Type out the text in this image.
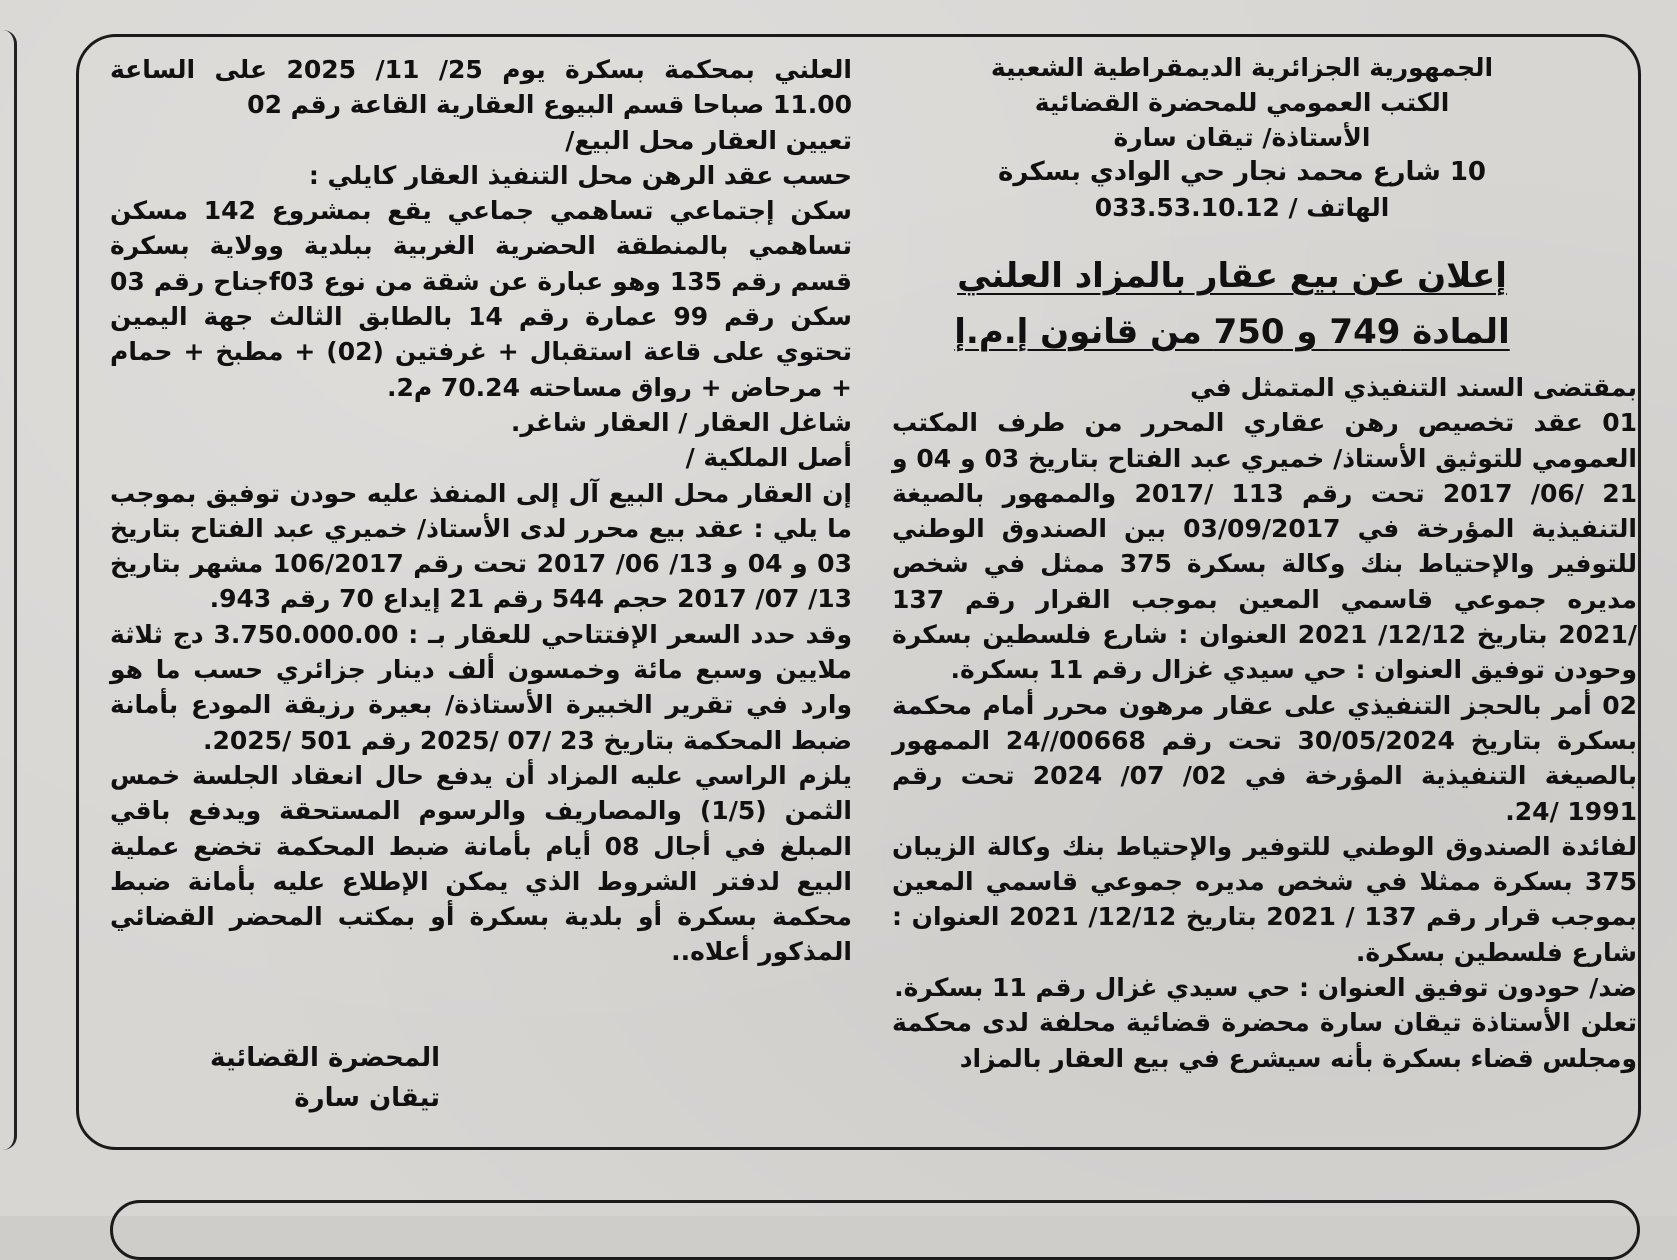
الجمهورية الجزائرية الديمقراطية الشعبية

الكتب العمومي للمحضرة القضائية

الأستاذة/ تيقان سارة

10 شارع محمد نجار حي الوادي بسكرة

الهاتف / 033.53.10.12

إعلان عن بيع عقار بالمزاد العلني

المادة 749 و 750 من قانون إ.م.إ

بمقتضى السند التنفيذي المتمثل في

01 عقد تخصيص رهن عقاري المحرر من طرف المكتب العمومي للتوثيق الأستاذ/ خميري عبد الفتاح بتاريخ 03 و 04 و 21 /06/ 2017 تحت رقم 113 /2017 والممهور بالصيغة التنفيذية المؤرخة في 03/09/2017 بين الصندوق الوطني للتوفير والإحتياط بنك وكالة بسكرة 375 ممثل في شخص مديره جموعي قاسمي المعين بموجب القرار رقم 137 /2021 بتاريخ 12/12/ 2021 العنوان : شارع فلسطين بسكرة وحودن توفيق العنوان : حي سيدي غزال رقم 11 بسكرة.

02 أمر بالحجز التنفيذي على عقار مرهون محرر أمام محكمة بسكرة بتاريخ 30/05/2024 تحت رقم 00668//24 الممهور بالصيغة التنفيذية المؤرخة في 02/ 07/ 2024 تحت رقم 1991 /24.

لفائدة الصندوق الوطني للتوفير والإحتياط بنك وكالة الزيبان 375 بسكرة ممثلا في شخص مديره جموعي قاسمي المعين بموجب قرار رقم 137 / 2021 بتاريخ 12/12/ 2021 العنوان : شارع فلسطين بسكرة.

ضد/ حودون توفيق العنوان : حي سيدي غزال رقم 11 بسكرة.

تعلن الأستاذة تيقان سارة محضرة قضائية محلفة لدى محكمة ومجلس قضاء بسكرة بأنه سيشرع في بيع العقار بالمزاد

العلني بمحكمة بسكرة يوم 25/ 11/ 2025 على الساعة 11.00 صباحا قسم البيوع العقارية القاعة رقم 02

تعيين العقار محل البيع/

حسب عقد الرهن محل التنفيذ العقار كايلي :

سكن إجتماعي تساهمي جماعي يقع بمشروع 142 مسكن تساهمي بالمنطقة الحضرية الغربية ببلدية وولاية بسكرة قسم رقم 135 وهو عبارة عن شقة من نوع f03جناح رقم 03 سكن رقم 99 عمارة رقم 14 بالطابق الثالث جهة اليمين تحتوي على قاعة استقبال + غرفتين (02) + مطبخ + حمام + مرحاض + رواق مساحته 70.24 م2.

شاغل العقار / العقار شاغر.

أصل الملكية /

إن العقار محل البيع آل إلى المنفذ عليه حودن توفيق بموجب ما يلي : عقد بيع محرر لدى الأستاذ/ خميري عبد الفتاح بتاريخ 03 و 04 و 13/ 06/ 2017 تحت رقم 106/2017 مشهر بتاريخ 13/ 07/ 2017 حجم 544 رقم 21 إيداع 70 رقم 943.

وقد حدد السعر الإفتتاحي للعقار بـ : 3.750.000.00 دج ثلاثة ملايين وسبع مائة وخمسون ألف دينار جزائري حسب ما هو وارد في تقرير الخبيرة الأستاذة/ بعيرة رزيقة المودع بأمانة ضبط المحكمة بتاريخ 23 /07 /2025 رقم 501 /2025.

يلزم الراسي عليه المزاد أن يدفع حال انعقاد الجلسة خمس الثمن (1/5) والمصاريف والرسوم المستحقة ويدفع باقي المبلغ في أجال 08 أيام بأمانة ضبط المحكمة تخضع عملية البيع لدفتر الشروط الذي يمكن الإطلاع عليه بأمانة ضبط محكمة بسكرة أو بلدية بسكرة أو بمكتب المحضر القضائي المذكور أعلاه..

المحضرة القضائية
تيقان سارة
